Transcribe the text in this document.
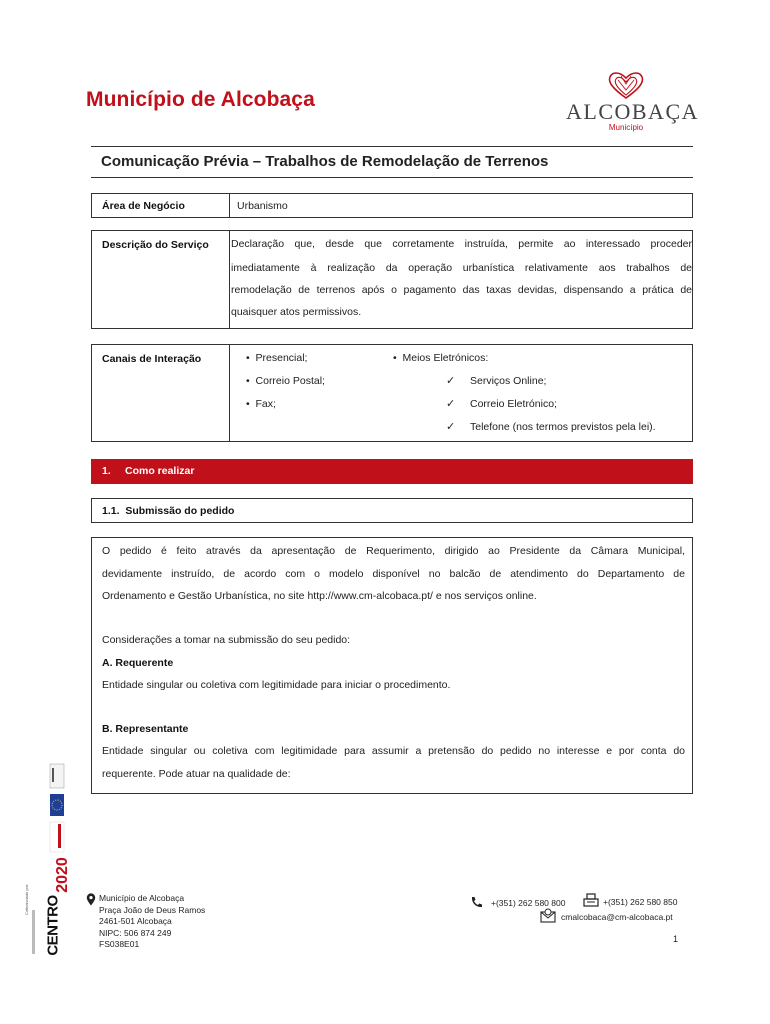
Município de Alcobaça	ALCOBAÇA
Município
Comunicação Prévia – Trabalhos de Remodelação de Terrenos
Área de Negócio	Urbanismo
Descrição do Serviço Declaração que, desde que corretamente instruída, permite ao interessado proceder
imediatamente à realização da operação urbanística relativamente aos trabalhos de
remodelação de terrenos após o pagamento das taxas devidas, dispensando a prática de
quaisquer atos permissivos.
Canais de Interação	•  Presencial;
•  Correio Postal;
•  Fax;
•  Meios Eletrónicos:
✓ Serviços Online;
✓ Correio Eletrónico;
✓ Telefone (nos termos previstos pela lei).
1. Como realizar
1.1.  Submissão do pedido
O pedido é feito através da apresentação de Requerimento, dirigido ao Presidente da Câmara Municipal,
devidamente instruído, de acordo com o modelo disponível no balcão de atendimento do Departamento de
Ordenamento e Gestão Urbanística, no site http://www.cm-alcobaca.pt/ e nos serviços online.
Considerações a tomar na submissão do seu pedido:
A. Requerente
Entidade singular ou coletiva com legitimidade para iniciar o procedimento.
B. Representante
Entidade singular ou coletiva com legitimidade para assumir a pretensão do pedido no interesse e por conta do
requerente. Pode atuar na qualidade de:
Cofinanciado por:
2020
CENTRO	Município de Alcobaça
Praça João de Deus Ramos
2461-501 Alcobaça
NIPC: 506 874 249
FS038E01
+(351) 262 580 800	+(351) 262 580 850
cmalcobaca@cm-alcobaca.pt
1
